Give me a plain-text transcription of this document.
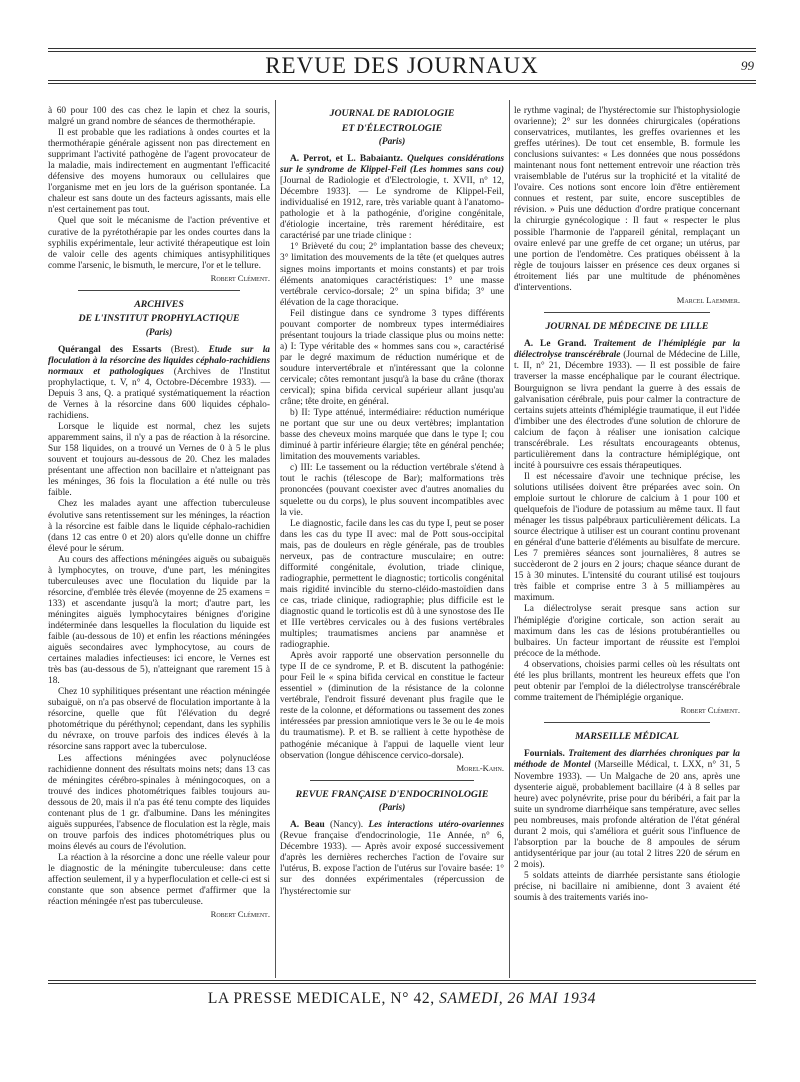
REVUE DES JOURNAUX	99

à 60 pour 100 des cas chez le lapin et chez la souris, malgré un grand nombre de séances de thermothérapie.

Il est probable que les radiations à ondes courtes et la thermothérapie générale agissent non pas directement en supprimant l'activité pathogène de l'agent provocateur de la maladie, mais indirectement en augmentant l'efficacité défensive des moyens humoraux ou cellulaires que l'organisme met en jeu lors de la guérison spontanée. La chaleur est sans doute un des facteurs agissants, mais elle n'est certainement pas tout.

Quel que soit le mécanisme de l'action préventive et curative de la pyrétothérapie par les ondes courtes dans la syphilis expérimentale, leur activité thérapeutique est loin de valoir celle des agents chimiques antisyphilitiques comme l'arsenic, le bismuth, le mercure, l'or et le tellure.

Robert Clément.
ARCHIVES
DE L'INSTITUT PROPHYLACTIQUE
(Paris)

Quérangal des Essarts (Brest). Etude sur la floculation à la résorcine des liquides céphalo-rachidiens normaux et pathologiques (Archives de l'Institut prophylactique, t. V, n° 4, Octobre-Décembre 1933). — Depuis 3 ans, Q. a pratiqué systématiquement la réaction de Vernes à la résorcine dans 600 liquides céphalo-rachidiens.

Lorsque le liquide est normal, chez les sujets apparemment sains, il n'y a pas de réaction à la résorcine. Sur 158 liquides, on a trouvé un Vernes de 0 à 5 le plus souvent et toujours au-dessous de 20. Chez les malades présentant une affection non bacillaire et n'atteignant pas les méninges, 36 fois la floculation a été nulle ou très faible.

Chez les malades ayant une affection tuberculeuse évolutive sans retentissement sur les méninges, la réaction à la résorcine est faible dans le liquide céphalo-rachidien (dans 12 cas entre 0 et 20) alors qu'elle donne un chiffre élevé pour le sérum.

Au cours des affections méningées aiguës ou subaiguës à lymphocytes, on trouve, d'une part, les méningites tuberculeuses avec une floculation du liquide par la résorcine, d'emblée très élevée (moyenne de 25 examens = 133) et ascendante jusqu'à la mort; d'autre part, les méningites aiguës lymphocytaires bénignes d'origine indéterminée dans lesquelles la floculation du liquide est faible (au-dessous de 10) et enfin les réactions méningées aiguës secondaires avec lymphocytose, au cours de certaines maladies infectieuses: ici encore, le Vernes est très bas (au-dessous de 5), n'atteignant que rarement 15 à 18.

Chez 10 syphilitiques présentant une réaction méningée subaiguë, on n'a pas observé de floculation importante à la résorcine, quelle que fût l'élévation du degré photométrique du péréthynol; cependant, dans les syphilis du névraxe, on trouve parfois des indices élevés à la résorcine sans rapport avec la tuberculose.

Les affections méningées avec polynucléose rachidienne donnent des résultats moins nets; dans 13 cas de méningites cérébro-spinales à méningocoques, on a trouvé des indices photométriques faibles toujours au-dessous de 20, mais il n'a pas été tenu compte des liquides contenant plus de 1 gr. d'albumine. Dans les méningites aiguës suppurées, l'absence de floculation est la règle, mais on trouve parfois des indices photométriques plus ou moins élevés au cours de l'évolution.

La réaction à la résorcine a donc une réelle valeur pour le diagnostic de la méningite tuberculeuse: dans cette affection seulement, il y a hyperfloculation et celle-ci est si constante que son absence permet d'affirmer que la réaction méningée n'est pas tuberculeuse.

Robert Clément.
JOURNAL DE RADIOLOGIE
ET D'ÉLECTROLOGIE
(Paris)

A. Perrot, et L. Babaiantz. Quelques considérations sur le syndrome de Klippel-Feil (Les hommes sans cou) [Journal de Radiologie et d'Electrologie, t. XVII, n° 12, Décembre 1933]. — Le syndrome de Klippel-Feil, individualisé en 1912, rare, très variable quant à l'anatomo-pathologie et à la pathogénie, d'origine congénitale, d'étiologie incertaine, très rarement héréditaire, est caractérisé par une triade clinique :

1° Brièveté du cou; 2° implantation basse des cheveux; 3° limitation des mouvements de la tête (et quelques autres signes moins importants et moins constants) et par trois éléments anatomiques caractéristiques: 1° une masse vertébrale cervico-dorsale; 2° un spina bifida; 3° une élévation de la cage thoracique.

Feil distingue dans ce syndrome 3 types différents pouvant comporter de nombreux types intermédiaires présentant toujours la triade classique plus ou moins nette: a) I: Type véritable des « hommes sans cou », caractérisé par le degré maximum de réduction numérique et de soudure intervertébrale et n'intéressant que la colonne cervicale; côtes remontant jusqu'à la base du crâne (thorax cervical); spina bifida cervical supérieur allant jusqu'au crâne; tête droite, en général.

b) II: Type atténué, intermédiaire: réduction numérique ne portant que sur une ou deux vertèbres; implantation basse des cheveux moins marquée que dans le type I; cou diminué à partir inférieure élargie; tête en général penchée; limitation des mouvements variables.

c) III: Le tassement ou la réduction vertébrale s'étend à tout le rachis (télescope de Bar); malformations très prononcées (pouvant coexister avec d'autres anomalies du squelette ou du corps), le plus souvent incompatibles avec la vie.

Le diagnostic, facile dans les cas du type I, peut se poser dans les cas du type II avec: mal de Pott sous-occipital mais, pas de douleurs en règle générale, pas de troubles nerveux, pas de contracture musculaire; en outre: difformité congénitale, évolution, triade clinique, radiographie, permettent le diagnostic; torticolis congénital mais rigidité invincible du sterno-cléido-mastoïdien dans ce cas, triade clinique, radiographie; plus difficile est le diagnostic quand le torticolis est dû à une synostose des IIe et IIIe vertèbres cervicales ou à des fusions vertébrales multiples; traumatismes anciens par anamnèse et radiographie.

Après avoir rapporté une observation personnelle du type II de ce syndrome, P. et B. discutent la pathogénie: pour Feil le « spina bifida cervical en constitue le facteur essentiel » (diminution de la résistance de la colonne vertébrale, l'endroit fissuré devenant plus fragile que le reste de la colonne, et déformations ou tassement des zones intéressées par pression amniotique vers le 3e ou le 4e mois du traumatisme). P. et B. se rallient à cette hypothèse de pathogénie mécanique à l'appui de laquelle vient leur observation (longue déhiscence cervico-dorsale).

Morel-Kahn.
REVUE FRANÇAISE D'ENDOCRINOLOGIE
(Paris)

A. Beau (Nancy). Les interactions utéro-ovariennes (Revue française d'endocrinologie, 11e Année, n° 6, Décembre 1933). — Après avoir exposé successivement d'après les dernières recherches l'action de l'ovaire sur l'utérus, B. expose l'action de l'utérus sur l'ovaire basée: 1° sur des données expérimentales (répercussion de l'hystérectomie sur

le rythme vaginal; de l'hystérectomie sur l'histophysiologie ovarienne); 2° sur les données chirurgicales (opérations conservatrices, mutilantes, les greffes ovariennes et les greffes utérines). De tout cet ensemble, B. formule les conclusions suivantes: « Les données que nous possédons maintenant nous font nettement entrevoir une réaction très vraisemblable de l'utérus sur la trophicité et la vitalité de l'ovaire. Ces notions sont encore loin d'être entièrement connues et restent, par suite, encore susceptibles de révision. » Puis une déduction d'ordre pratique concernant la chirurgie gynécologique : Il faut « respecter le plus possible l'harmonie de l'appareil génital, remplaçant un ovaire enlevé par une greffe de cet organe; un utérus, par une portion de l'endomètre. Ces pratiques obéissent à la règle de toujours laisser en présence ces deux organes si étroitement liés par une multitude de phénomènes d'interventions.

Marcel Laemmer.
JOURNAL DE MÉDECINE DE LILLE

A. Le Grand. Traitement de l'hémiplégie par la diélectrolyse transcérébrale (Journal de Médecine de Lille, t. II, n° 21, Décembre 1933). — Il est possible de faire traverser la masse encéphalique par le courant électrique. Bourguignon se livra pendant la guerre à des essais de galvanisation cérébrale, puis pour calmer la contracture de certains sujets atteints d'hémiplégie traumatique, il eut l'idée d'imbiber une des électrodes d'une solution de chlorure de calcium de façon à réaliser une ionisation calcique transcérébrale. Les résultats encourageants obtenus, particulièrement dans la contracture hémiplégique, ont incité à poursuivre ces essais thérapeutiques.

Il est nécessaire d'avoir une technique précise, les solutions utilisées doivent être préparées avec soin. On emploie surtout le chlorure de calcium à 1 pour 100 et quelquefois de l'iodure de potassium au même taux. Il faut ménager les tissus palpébraux particulièrement délicats. La source électrique à utiliser est un courant continu provenant en général d'une batterie d'éléments au bisulfate de mercure. Les 7 premières séances sont journalières, 8 autres se succèderont de 2 jours en 2 jours; chaque séance durant de 15 à 30 minutes. L'intensité du courant utilisé est toujours très faible et comprise entre 3 à 5 milliampères au maximum.

La diélectrolyse serait presque sans action sur l'hémiplégie d'origine corticale, son action serait au maximum dans les cas de lésions protubérantielles ou bulbaires. Un facteur important de réussite est l'emploi précoce de la méthode.

4 observations, choisies parmi celles où les résultats ont été les plus brillants, montrent les heureux effets que l'on peut obtenir par l'emploi de la diélectrolyse transcérébrale comme traitement de l'hémiplégie organique.

Robert Clément.
MARSEILLE MÉDICAL

Fournials. Traitement des diarrhées chroniques par la méthode de Montel (Marseille Médical, t. LXX, n° 31, 5 Novembre 1933). — Un Malgache de 20 ans, après une dysenterie aiguë, probablement bacillaire (4 à 8 selles par heure) avec polynévrite, prise pour du béribéri, a fait par la suite un syndrome diarrhéique sans température, avec selles peu nombreuses, mais profonde altération de l'état général durant 2 mois, qui s'améliora et guérit sous l'influence de l'absorption par la bouche de 8 ampoules de sérum antidysentérique par jour (au total 2 litres 220 de sérum en 2 mois).

5 soldats atteints de diarrhée persistante sans étiologie précise, ni bacillaire ni amibienne, dont 3 avaient été soumis à des traitements variés ino-

LA PRESSE MEDICALE, N° 42, SAMEDI, 26 MAI 1934
